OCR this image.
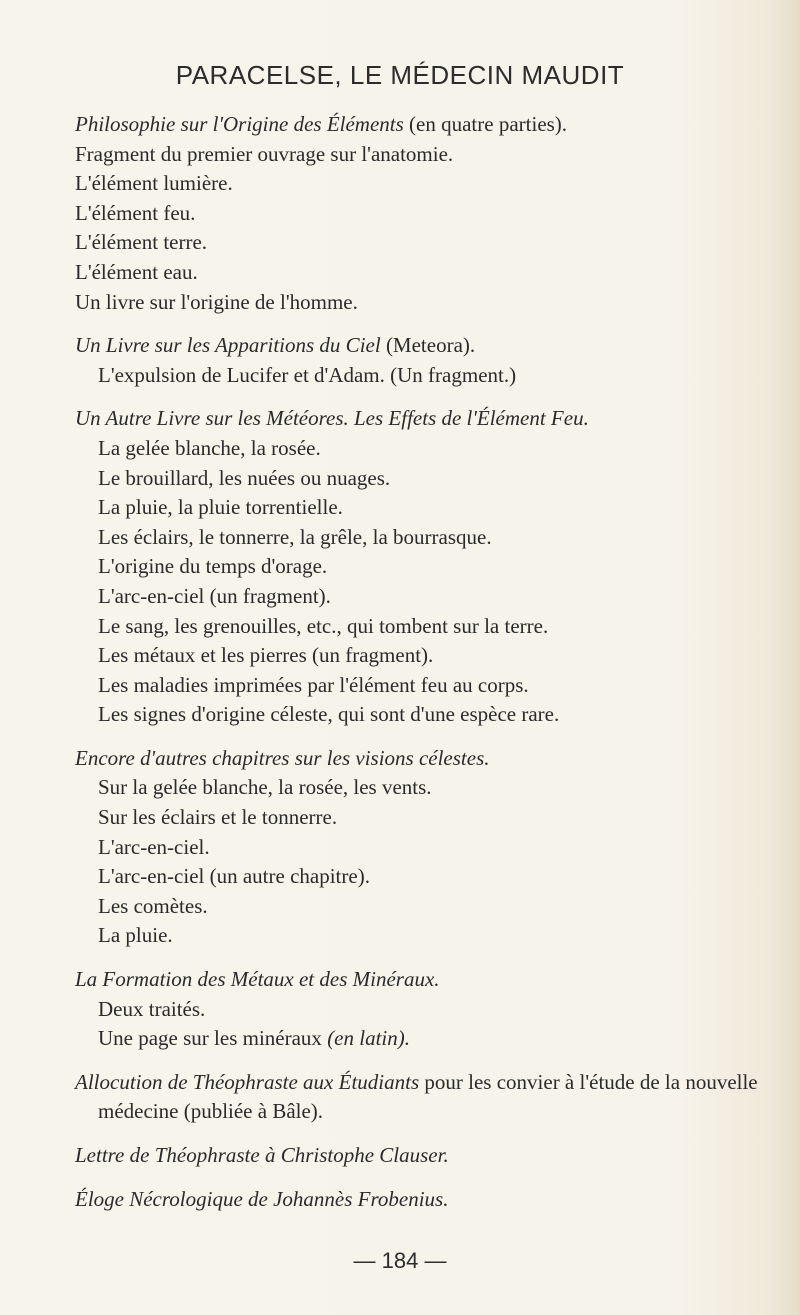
PARACELSE, LE MÉDECIN MAUDIT
Philosophie sur l'Origine des Éléments (en quatre parties).
Fragment du premier ouvrage sur l'anatomie.
L'élément lumière.
L'élément feu.
L'élément terre.
L'élément eau.
Un livre sur l'origine de l'homme.
Un Livre sur les Apparitions du Ciel (Meteora).
L'expulsion de Lucifer et d'Adam. (Un fragment.)
Un Autre Livre sur les Météores. Les Effets de l'Élément Feu.
La gelée blanche, la rosée.
Le brouillard, les nuées ou nuages.
La pluie, la pluie torrentielle.
Les éclairs, le tonnerre, la grêle, la bourrasque.
L'origine du temps d'orage.
L'arc-en-ciel (un fragment).
Le sang, les grenouilles, etc., qui tombent sur la terre.
Les métaux et les pierres (un fragment).
Les maladies imprimées par l'élément feu au corps.
Les signes d'origine céleste, qui sont d'une espèce rare.
Encore d'autres chapitres sur les visions célestes.
Sur la gelée blanche, la rosée, les vents.
Sur les éclairs et le tonnerre.
L'arc-en-ciel.
L'arc-en-ciel (un autre chapitre).
Les comètes.
La pluie.
La Formation des Métaux et des Minéraux.
Deux traités.
Une page sur les minéraux (en latin).
Allocution de Théophraste aux Étudiants pour les convier à l'étude de la nouvelle médecine (publiée à Bâle).
Lettre de Théophraste à Christophe Clauser.
Éloge Nécrologique de Johannès Frobenius.
— 184 —
